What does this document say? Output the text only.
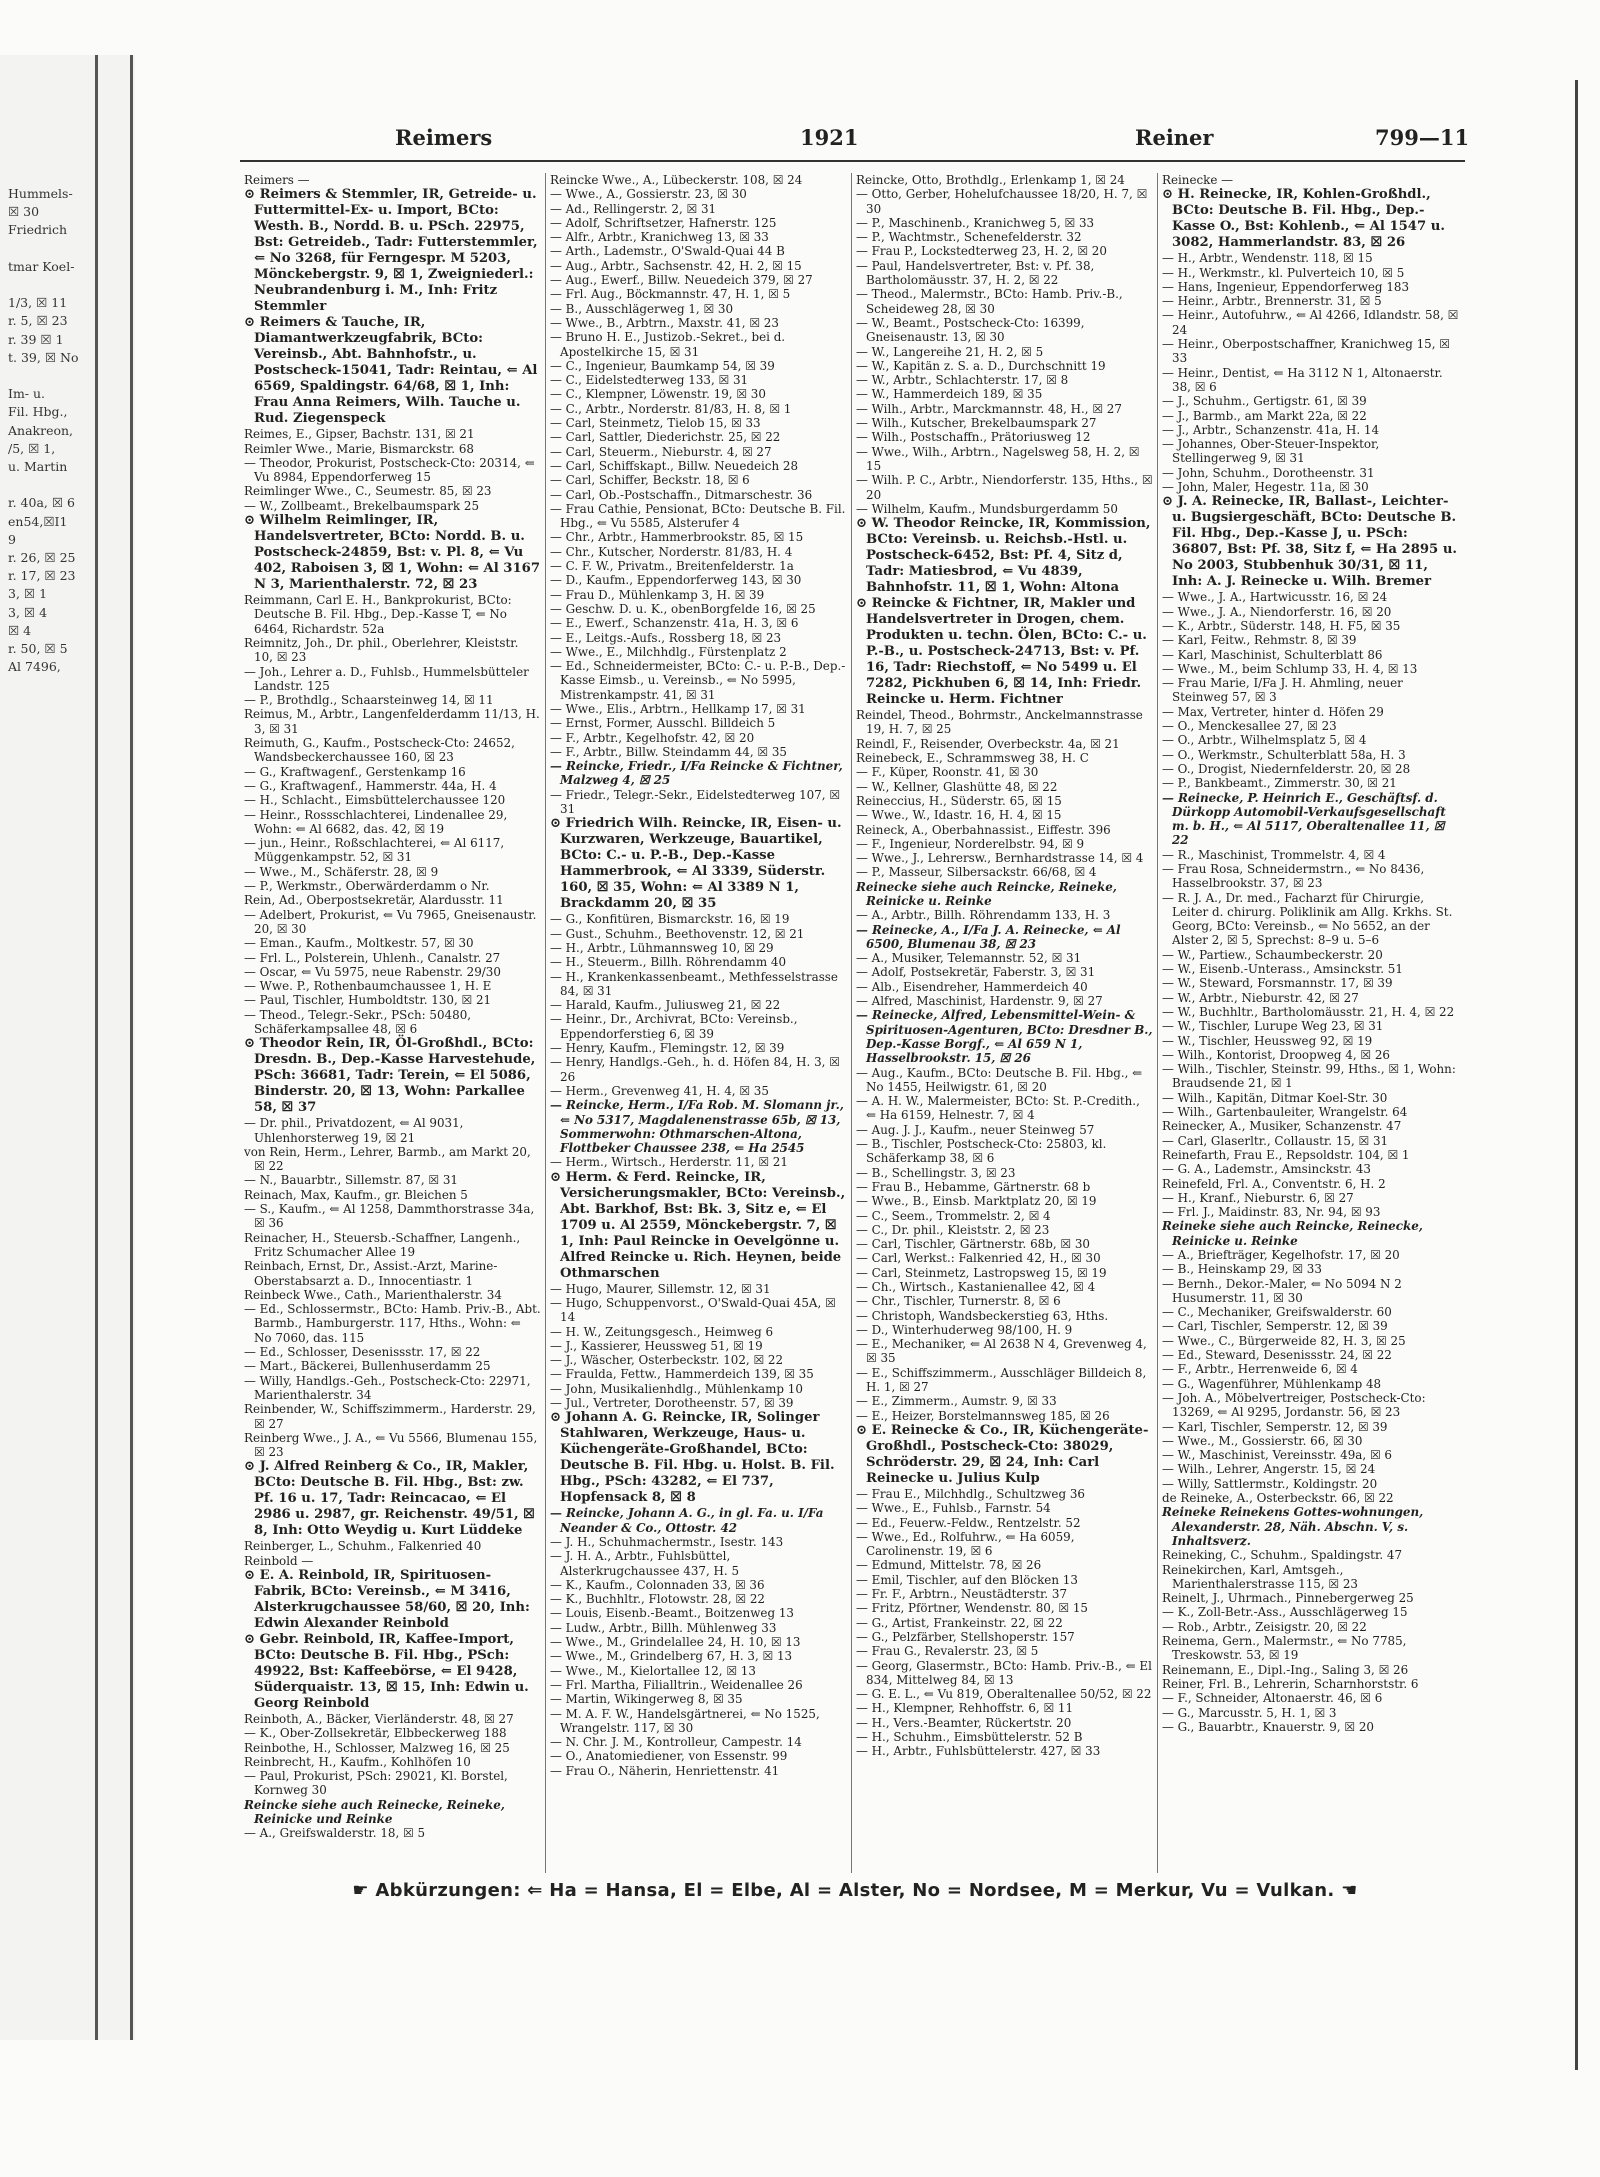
Hummels-
☒ 30
Friedrich

tmar Koel-

1/3, ☒ 11
r. 5, ☒ 23
r. 39 ☒ 1
t. 39, ☒ No

Im- u.
Fil. Hbg.,
Anakreon,
/5, ☒ 1,
u. Martin

r. 40a, ☒ 6
en54,☒I1
9
r. 26, ☒ 25
r. 17, ☒ 23
3, ☒ 1
3, ☒ 4
☒ 4
r. 50, ☒ 5
Al 7496,
Reimers	1921	Reiner	799—11

Reimers —

⊙ Reimers & Stemmler, IR, Getreide- u. Futtermittel-Ex- u. Import, BCto: Westh. B., Nordd. B. u. PSch. 22975, Bst: Getreideb., Tadr: Futterstemmler, ⇐ No 3268, für Ferngespr. M 5203, Mönckebergstr. 9, ☒ 1, Zweigniederl.: Neubrandenburg i. M., Inh: Fritz Stemmler

⊙ Reimers & Tauche, IR, Diamantwerkzeugfabrik, BCto: Vereinsb., Abt. Bahnhofstr., u. Postscheck-15041, Tadr: Reintau, ⇐ Al 6569, Spaldingstr. 64/68, ☒ 1, Inh: Frau Anna Reimers, Wilh. Tauche u. Rud. Ziegenspeck

Reimes, E., Gipser, Bachstr. 131, ☒ 21

Reimler Wwe., Marie, Bismarckstr. 68

— Theodor, Prokurist, Postscheck-Cto: 20314, ⇐ Vu 8984, Eppendorferweg 15

Reimlinger Wwe., C., Seumestr. 85, ☒ 23

— W., Zollbeamt., Brekelbaumspark 25

⊙ Wilhelm Reimlinger, IR, Handelsvertreter, BCto: Nordd. B. u. Postscheck-24859, Bst: v. Pl. 8, ⇐ Vu 402, Raboisen 3, ☒ 1, Wohn: ⇐ Al 3167 N 3, Marienthalerstr. 72, ☒ 23

Reimmann, Carl E. H., Bankprokurist, BCto: Deutsche B. Fil. Hbg., Dep.-Kasse T, ⇐ No 6464, Richardstr. 52a

Reimnitz, Joh., Dr. phil., Oberlehrer, Kleiststr. 10, ☒ 23

— Joh., Lehrer a. D., Fuhlsb., Hummelsbütteler Landstr. 125

— P., Brothdlg., Schaarsteinweg 14, ☒ 11

Reimus, M., Arbtr., Langenfelderdamm 11/13, H. 3, ☒ 31

Reimuth, G., Kaufm., Postscheck-Cto: 24652, Wandsbeckerchaussee 160, ☒ 23

— G., Kraftwagenf., Gerstenkamp 16

— G., Kraftwagenf., Hammerstr. 44a, H. 4

— H., Schlacht., Eimsbüttelerchaussee 120

— Heinr., Rossschlachterei, Lindenallee 29, Wohn: ⇐ Al 6682, das. 42, ☒ 19

— jun., Heinr., Roßschlachterei, ⇐ Al 6117, Müggenkampstr. 52, ☒ 31

— Wwe., M., Schäferstr. 28, ☒ 9

— P., Werkmstr., Oberwärderdamm o Nr.

Rein, Ad., Oberpostsekretär, Alardusstr. 11

— Adelbert, Prokurist, ⇐ Vu 7965, Gneisenaustr. 20, ☒ 30

— Eman., Kaufm., Moltkestr. 57, ☒ 30

— Frl. L., Polsterein, Uhlenh., Canalstr. 27

— Oscar, ⇐ Vu 5975, neue Rabenstr. 29/30

— Wwe. P., Rothenbaumchaussee 1, H. E

— Paul, Tischler, Humboldtstr. 130, ☒ 21

— Theod., Telegr.-Sekr., PSch: 50480, Schäferkampsallee 48, ☒ 6

⊙ Theodor Rein, IR, Öl-Großhdl., BCto: Dresdn. B., Dep.-Kasse Harvestehude, PSch: 36681, Tadr: Terein, ⇐ El 5086, Binderstr. 20, ☒ 13, Wohn: Parkallee 58, ☒ 37

— Dr. phil., Privatdozent, ⇐ Al 9031, Uhlenhorsterweg 19, ☒ 21

von Rein, Herm., Lehrer, Barmb., am Markt 20, ☒ 22

— N., Bauarbtr., Sillemstr. 87, ☒ 31

Reinach, Max, Kaufm., gr. Bleichen 5

— S., Kaufm., ⇐ Al 1258, Dammthorstrasse 34a, ☒ 36

Reinacher, H., Steuersb.-Schaffner, Langenh., Fritz Schumacher Allee 19

Reinbach, Ernst, Dr., Assist.-Arzt, Marine-Oberstabsarzt a. D., Innocentiastr. 1

Reinbeck Wwe., Cath., Marienthalerstr. 34

— Ed., Schlossermstr., BCto: Hamb. Priv.-B., Abt. Barmb., Hamburgerstr. 117, Hths., Wohn: ⇐ No 7060, das. 115

— Ed., Schlosser, Desenissstr. 17, ☒ 22

— Mart., Bäckerei, Bullenhuserdamm 25

— Willy, Handlgs.-Geh., Postscheck-Cto: 22971, Marienthalerstr. 34

Reinbender, W., Schiffszimmerm., Harderstr. 29, ☒ 27

Reinberg Wwe., J. A., ⇐ Vu 5566, Blumenau 155, ☒ 23

⊙ J. Alfred Reinberg & Co., IR, Makler, BCto: Deutsche B. Fil. Hbg., Bst: zw. Pf. 16 u. 17, Tadr: Reincacao, ⇐ El 2986 u. 2987, gr. Reichenstr. 49/51, ☒ 8, Inh: Otto Weydig u. Kurt Lüddeke

Reinberger, L., Schuhm., Falkenried 40

Reinbold —

⊙ E. A. Reinbold, IR, Spirituosen-Fabrik, BCto: Vereinsb., ⇐ M 3416, Alsterkrugchaussee 58/60, ☒ 20, Inh: Edwin Alexander Reinbold

⊙ Gebr. Reinbold, IR, Kaffee-Import, BCto: Deutsche B. Fil. Hbg., PSch: 49922, Bst: Kaffeebörse, ⇐ El 9428, Süderquaistr. 13, ☒ 15, Inh: Edwin u. Georg Reinbold

Reinboth, A., Bäcker, Vierländerstr. 48, ☒ 27

— K., Ober-Zollsekretär, Elbbeckerweg 188

Reinbothe, H., Schlosser, Malzweg 16, ☒ 25

Reinbrecht, H., Kaufm., Kohlhöfen 10

— Paul, Prokurist, PSch: 29021, Kl. Borstel, Kornweg 30

Reincke siehe auch Reinecke, Reineke, Reinicke und Reinke

— A., Greifswalderstr. 18, ☒ 5

Reincke Wwe., A., Lübeckerstr. 108, ☒ 24

— Wwe., A., Gossierstr. 23, ☒ 30

— Ad., Rellingerstr. 2, ☒ 31

— Adolf, Schriftsetzer, Hafnerstr. 125

— Alfr., Arbtr., Kranichweg 13, ☒ 33

— Arth., Lademstr., O'Swald-Quai 44 B

— Aug., Arbtr., Sachsenstr. 42, H. 2, ☒ 15

— Aug., Ewerf., Billw. Neuedeich 379, ☒ 27

— Frl. Aug., Böckmannstr. 47, H. 1, ☒ 5

— B., Ausschlägerweg 1, ☒ 30

— Wwe., B., Arbtrn., Maxstr. 41, ☒ 23

— Bruno H. E., Justizob.-Sekret., bei d. Apostelkirche 15, ☒ 31

— C., Ingenieur, Baumkamp 54, ☒ 39

— C., Eidelstedterweg 133, ☒ 31

— C., Klempner, Löwenstr. 19, ☒ 30

— C., Arbtr., Norderstr. 81/83, H. 8, ☒ 1

— Carl, Steinmetz, Tielob 15, ☒ 33

— Carl, Sattler, Diederichstr. 25, ☒ 22

— Carl, Steuerm., Nieburstr. 4, ☒ 27

— Carl, Schiffskapt., Billw. Neuedeich 28

— Carl, Schiffer, Beckstr. 18, ☒ 6

— Carl, Ob.-Postschaffn., Ditmarschestr. 36

— Frau Cathie, Pensionat, BCto: Deutsche B. Fil. Hbg., ⇐ Vu 5585, Alsterufer 4

— Chr., Arbtr., Hammerbrookstr. 85, ☒ 15

— Chr., Kutscher, Norderstr. 81/83, H. 4

— C. F. W., Privatm., Breitenfelderstr. 1a

— D., Kaufm., Eppendorferweg 143, ☒ 30

— Frau D., Mühlenkamp 3, H. ☒ 39

— Geschw. D. u. K., obenBorgfelde 16, ☒ 25

— E., Ewerf., Schanzenstr. 41a, H. 3, ☒ 6

— E., Leitgs.-Aufs., Rossberg 18, ☒ 23

— Wwe., E., Milchhdlg., Fürstenplatz 2

— Ed., Schneidermeister, BCto: C.- u. P.-B., Dep.-Kasse Eimsb., u. Vereinsb., ⇐ No 5995, Mistrenkampstr. 41, ☒ 31

— Wwe., Elis., Arbtrn., Hellkamp 17, ☒ 31

— Ernst, Former, Ausschl. Billdeich 5

— F., Arbtr., Kegelhofstr. 42, ☒ 20

— F., Arbtr., Billw. Steindamm 44, ☒ 35

— Reincke, Friedr., I/Fa Reincke & Fichtner, Malzweg 4, ☒ 25

— Friedr., Telegr.-Sekr., Eidelstedterweg 107, ☒ 31

⊙ Friedrich Wilh. Reincke, IR, Eisen- u. Kurzwaren, Werkzeuge, Bauartikel, BCto: C.- u. P.-B., Dep.-Kasse Hammerbrook, ⇐ Al 3339, Süderstr. 160, ☒ 35, Wohn: ⇐ Al 3389 N 1, Brackdamm 20, ☒ 35

— G., Konfitüren, Bismarckstr. 16, ☒ 19

— Gust., Schuhm., Beethovenstr. 12, ☒ 21

— H., Arbtr., Lühmannsweg 10, ☒ 29

— H., Steuerm., Billh. Röhrendamm 40

— H., Krankenkassenbeamt., Methfesselstrasse 84, ☒ 31

— Harald, Kaufm., Juliusweg 21, ☒ 22

— Heinr., Dr., Archivrat, BCto: Vereinsb., Eppendorferstieg 6, ☒ 39

— Henry, Kaufm., Flemingstr. 12, ☒ 39

— Henry, Handlgs.-Geh., h. d. Höfen 84, H. 3, ☒ 26

— Herm., Grevenweg 41, H. 4, ☒ 35

— Reincke, Herm., I/Fa Rob. M. Slomann jr., ⇐ No 5317, Magdalenenstrasse 65b, ☒ 13, Sommerwohn: Othmarschen-Altona, Flottbeker Chaussee 238, ⇐ Ha 2545

— Herm., Wirtsch., Herderstr. 11, ☒ 21

⊙ Herm. & Ferd. Reincke, IR, Versicherungsmakler, BCto: Vereinsb., Abt. Barkhof, Bst: Bk. 3, Sitz e, ⇐ El 1709 u. Al 2559, Mönckebergstr. 7, ☒ 1, Inh: Paul Reincke in Oevelgönne u. Alfred Reincke u. Rich. Heynen, beide Othmarschen

— Hugo, Maurer, Sillemstr. 12, ☒ 31

— Hugo, Schuppenvorst., O'Swald-Quai 45A, ☒ 14

— H. W., Zeitungsgesch., Heimweg 6

— J., Kassierer, Heussweg 51, ☒ 19

— J., Wäscher, Osterbeckstr. 102, ☒ 22

— Fraulda, Fettw., Hammerdeich 139, ☒ 35

— John, Musikalienhdlg., Mühlenkamp 10

— Jul., Vertreter, Dorotheenstr. 57, ☒ 39

⊙ Johann A. G. Reincke, IR, Solinger Stahlwaren, Werkzeuge, Haus- u. Küchengeräte-Großhandel, BCto: Deutsche B. Fil. Hbg. u. Holst. B. Fil. Hbg., PSch: 43282, ⇐ El 737, Hopfensack 8, ☒ 8

— Reincke, Johann A. G., in gl. Fa. u. I/Fa Neander & Co., Ottostr. 42

— J. H., Schuhmachermstr., Isestr. 143

— J. H. A., Arbtr., Fuhlsbüttel, Alsterkrugchaussee 437, H. 5

— K., Kaufm., Colonnaden 33, ☒ 36

— K., Buchhltr., Flotowstr. 28, ☒ 22

— Louis, Eisenb.-Beamt., Boitzenweg 13

— Ludw., Arbtr., Billh. Mühlenweg 33

— Wwe., M., Grindelallee 24, H. 10, ☒ 13

— Wwe., M., Grindelberg 67, H. 3, ☒ 13

— Wwe., M., Kielortallee 12, ☒ 13

— Frl. Martha, Filialltrin., Weidenallee 26

— Martin, Wikingerweg 8, ☒ 35

— M. A. F. W., Handelsgärtnerei, ⇐ No 1525, Wrangelstr. 117, ☒ 30

— N. Chr. J. M., Kontrolleur, Campestr. 14

— O., Anatomiediener, von Essenstr. 99

— Frau O., Näherin, Henriettenstr. 41

Reincke, Otto, Brothdlg., Erlenkamp 1, ☒ 24

— Otto, Gerber, Hohelufchaussee 18/20, H. 7, ☒ 30

— P., Maschinenb., Kranichweg 5, ☒ 33

— P., Wachtmstr., Schenefelderstr. 32

— Frau P., Lockstedterweg 23, H. 2, ☒ 20

— Paul, Handelsvertreter, Bst: v. Pf. 38, Bartholomäusstr. 37, H. 2, ☒ 22

— Theod., Malermstr., BCto: Hamb. Priv.-B., Scheideweg 28, ☒ 30

— W., Beamt., Postscheck-Cto: 16399, Gneisenaustr. 13, ☒ 30

— W., Langereihe 21, H. 2, ☒ 5

— W., Kapitän z. S. a. D., Durchschnitt 19

— W., Arbtr., Schlachterstr. 17, ☒ 8

— W., Hammerdeich 189, ☒ 35

— Wilh., Arbtr., Marckmannstr. 48, H., ☒ 27

— Wilh., Kutscher, Brekelbaumspark 27

— Wilh., Postschaffn., Prätoriusweg 12

— Wwe., Wilh., Arbtrn., Nagelsweg 58, H. 2, ☒ 15

— Wilh. P. C., Arbtr., Niendorferstr. 135, Hths., ☒ 20

— Wilhelm, Kaufm., Mundsburgerdamm 50

⊙ W. Theodor Reincke, IR, Kommission, BCto: Vereinsb. u. Reichsb.-Hstl. u. Postscheck-6452, Bst: Pf. 4, Sitz d, Tadr: Matiesbrod, ⇐ Vu 4839, Bahnhofstr. 11, ☒ 1, Wohn: Altona

⊙ Reincke & Fichtner, IR, Makler und Handelsvertreter in Drogen, chem. Produkten u. techn. Ölen, BCto: C.- u. P.-B., u. Postscheck-24713, Bst: v. Pf. 16, Tadr: Riechstoff, ⇐ No 5499 u. El 7282, Pickhuben 6, ☒ 14, Inh: Friedr. Reincke u. Herm. Fichtner

Reindel, Theod., Bohrmstr., Anckelmannstrasse 19, H. 7, ☒ 25

Reindl, F., Reisender, Overbeckstr. 4a, ☒ 21

Reinebeck, E., Schrammsweg 38, H. C

— F., Küper, Roonstr. 41, ☒ 30

— W., Kellner, Glashütte 48, ☒ 22

Reineccius, H., Süderstr. 65, ☒ 15

— Wwe., W., Idastr. 16, H. 4, ☒ 15

Reineck, A., Oberbahnassist., Eiffestr. 396

— F., Ingenieur, Norderelbstr. 94, ☒ 9

— Wwe., J., Lehrersw., Bernhardstrasse 14, ☒ 4

— P., Masseur, Silbersackstr. 66/68, ☒ 4

Reinecke siehe auch Reincke, Reineke, Reinicke u. Reinke

— A., Arbtr., Billh. Röhrendamm 133, H. 3

— Reinecke, A., I/Fa J. A. Reinecke, ⇐ Al 6500, Blumenau 38, ☒ 23

— A., Musiker, Telemannstr. 52, ☒ 31

— Adolf, Postsekretär, Faberstr. 3, ☒ 31

— Alb., Eisendreher, Hammerdeich 40

— Alfred, Maschinist, Hardenstr. 9, ☒ 27

— Reinecke, Alfred, Lebensmittel-Wein- & Spirituosen-Agenturen, BCto: Dresdner B., Dep.-Kasse Borgf., ⇐ Al 659 N 1, Hasselbrookstr. 15, ☒ 26

— Aug., Kaufm., BCto: Deutsche B. Fil. Hbg., ⇐ No 1455, Heilwigstr. 61, ☒ 20

— A. H. W., Malermeister, BCto: St. P.-Credith., ⇐ Ha 6159, Helnestr. 7, ☒ 4

— Aug. J. J., Kaufm., neuer Steinweg 57

— B., Tischler, Postscheck-Cto: 25803, kl. Schäferkamp 38, ☒ 6

— B., Schellingstr. 3, ☒ 23

— Frau B., Hebamme, Gärtnerstr. 68 b

— Wwe., B., Einsb. Marktplatz 20, ☒ 19

— C., Seem., Trommelstr. 2, ☒ 4

— C., Dr. phil., Kleiststr. 2, ☒ 23

— Carl, Tischler, Gärtnerstr. 68b, ☒ 30

— Carl, Werkst.: Falkenried 42, H., ☒ 30

— Carl, Steinmetz, Lastropsweg 15, ☒ 19

— Ch., Wirtsch., Kastanienallee 42, ☒ 4

— Chr., Tischler, Turnerstr. 8, ☒ 6

— Christoph, Wandsbeckerstieg 63, Hths.

— D., Winterhuderweg 98/100, H. 9

— E., Mechaniker, ⇐ Al 2638 N 4, Grevenweg 4, ☒ 35

— E., Schiffszimmerm., Ausschläger Billdeich 8, H. 1, ☒ 27

— E., Zimmerm., Aumstr. 9, ☒ 33

— E., Heizer, Borstelmannsweg 185, ☒ 26

⊙ E. Reinecke & Co., IR, Küchengeräte-Großhdl., Postscheck-Cto: 38029, Schröderstr. 29, ☒ 24, Inh: Carl Reinecke u. Julius Kulp

— Frau E., Milchhdlg., Schultzweg 36

— Wwe., E., Fuhlsb., Farnstr. 54

— Ed., Feuerw.-Feldw., Rentzelstr. 52

— Wwe., Ed., Rolfuhrw., ⇐ Ha 6059, Carolinenstr. 19, ☒ 6

— Edmund, Mittelstr. 78, ☒ 26

— Emil, Tischler, auf den Blöcken 13

— Fr. F., Arbtrn., Neustädterstr. 37

— Fritz, Pförtner, Wendenstr. 80, ☒ 15

— G., Artist, Frankeinstr. 22, ☒ 22

— G., Pelzfärber, Stellshoperstr. 157

— Frau G., Revalerstr. 23, ☒ 5

— Georg, Glasermstr., BCto: Hamb. Priv.-B., ⇐ El 834, Mittelweg 84, ☒ 13

— G. E. L., ⇐ Vu 819, Oberaltenallee 50/52, ☒ 22

— H., Klempner, Rehhoffstr. 6, ☒ 11

— H., Vers.-Beamter, Rückertstr. 20

— H., Schuhm., Eimsbüttelerstr. 52 B

— H., Arbtr., Fuhlsbüttelerstr. 427, ☒ 33

Reinecke —

⊙ H. Reinecke, IR, Kohlen-Großhdl., BCto: Deutsche B. Fil. Hbg., Dep.-Kasse O., Bst: Kohlenb., ⇐ Al 1547 u. 3082, Hammerlandstr. 83, ☒ 26

— H., Arbtr., Wendenstr. 118, ☒ 15

— H., Werkmstr., kl. Pulverteich 10, ☒ 5

— Hans, Ingenieur, Eppendorferweg 183

— Heinr., Arbtr., Brennerstr. 31, ☒ 5

— Heinr., Autofuhrw., ⇐ Al 4266, Idlandstr. 58, ☒ 24

— Heinr., Oberpostschaffner, Kranichweg 15, ☒ 33

— Heinr., Dentist, ⇐ Ha 3112 N 1, Altonaerstr. 38, ☒ 6

— J., Schuhm., Gertigstr. 61, ☒ 39

— J., Barmb., am Markt 22a, ☒ 22

— J., Arbtr., Schanzenstr. 41a, H. 14

— Johannes, Ober-Steuer-Inspektor, Stellingerweg 9, ☒ 31

— John, Schuhm., Dorotheenstr. 31

— John, Maler, Hegestr. 11a, ☒ 30

⊙ J. A. Reinecke, IR, Ballast-, Leichter- u. Bugsiergeschäft, BCto: Deutsche B. Fil. Hbg., Dep.-Kasse J, u. PSch: 36807, Bst: Pf. 38, Sitz f, ⇐ Ha 2895 u. No 2003, Stubbenhuk 30/31, ☒ 11, Inh: A. J. Reinecke u. Wilh. Bremer

— Wwe., J. A., Hartwicusstr. 16, ☒ 24

— Wwe., J. A., Niendorferstr. 16, ☒ 20

— K., Arbtr., Süderstr. 148, H. F5, ☒ 35

— Karl, Feitw., Rehmstr. 8, ☒ 39

— Karl, Maschinist, Schulterblatt 86

— Wwe., M., beim Schlump 33, H. 4, ☒ 13

— Frau Marie, I/Fa J. H. Ahmling, neuer Steinweg 57, ☒ 3

— Max, Vertreter, hinter d. Höfen 29

— O., Menckesallee 27, ☒ 23

— O., Arbtr., Wilhelmsplatz 5, ☒ 4

— O., Werkmstr., Schulterblatt 58a, H. 3

— O., Drogist, Niedernfelderstr. 20, ☒ 28

— P., Bankbeamt., Zimmerstr. 30, ☒ 21

— Reinecke, P. Heinrich E., Geschäftsf. d. Dürkopp Automobil-Verkaufsgesellschaft m. b. H., ⇐ Al 5117, Oberaltenallee 11, ☒ 22

— R., Maschinist, Trommelstr. 4, ☒ 4

— Frau Rosa, Schneidermstrn., ⇐ No 8436, Hasselbrookstr. 37, ☒ 23

— R. J. A., Dr. med., Facharzt für Chirurgie, Leiter d. chirurg. Poliklinik am Allg. Krkhs. St. Georg, BCto: Vereinsb., ⇐ No 5652, an der Alster 2, ☒ 5, Sprechst: 8–9 u. 5–6

— W., Partiew., Schaumbeckerstr. 20

— W., Eisenb.-Unterass., Amsinckstr. 51

— W., Steward, Forsmannstr. 17, ☒ 39

— W., Arbtr., Nieburstr. 42, ☒ 27

— W., Buchhltr., Bartholomäusstr. 21, H. 4, ☒ 22

— W., Tischler, Lurupe Weg 23, ☒ 31

— W., Tischler, Heussweg 92, ☒ 19

— Wilh., Kontorist, Droopweg 4, ☒ 26

— Wilh., Tischler, Steinstr. 99, Hths., ☒ 1, Wohn: Braudsende 21, ☒ 1

— Wilh., Kapitän, Ditmar Koel-Str. 30

— Wilh., Gartenbauleiter, Wrangelstr. 64

Reinecker, A., Musiker, Schanzenstr. 47

— Carl, Glaserltr., Collaustr. 15, ☒ 31

Reinefarth, Frau E., Repsoldstr. 104, ☒ 1

— G. A., Lademstr., Amsinckstr. 43

Reinefeld, Frl. A., Conventstr. 6, H. 2

— H., Kranf., Nieburstr. 6, ☒ 27

— Frl. J., Maidinstr. 83, Nr. 94, ☒ 93

Reineke siehe auch Reincke, Reinecke, Reinicke u. Reinke

— A., Briefträger, Kegelhofstr. 17, ☒ 20

— B., Heinskamp 29, ☒ 33

— Bernh., Dekor.-Maler, ⇐ No 5094 N 2 Husumerstr. 11, ☒ 30

— C., Mechaniker, Greifswalderstr. 60

— Carl, Tischler, Semperstr. 12, ☒ 39

— Wwe., C., Bürgerweide 82, H. 3, ☒ 25

— Ed., Steward, Desenissstr. 24, ☒ 22

— F., Arbtr., Herrenweide 6, ☒ 4

— G., Wagenführer, Mühlenkamp 48

— Joh. A., Möbelvertreiger, Postscheck-Cto: 13269, ⇐ Al 9295, Jordanstr. 56, ☒ 23

— Karl, Tischler, Semperstr. 12, ☒ 39

— Wwe., M., Gossierstr. 66, ☒ 30

— W., Maschinist, Vereinsstr. 49a, ☒ 6

— Wilh., Lehrer, Angerstr. 15, ☒ 24

— Willy, Sattlermstr., Koldingstr. 20

de Reineke, A., Osterbeckstr. 66, ☒ 22

Reineke Reinekens Gottes-wohnungen, Alexanderstr. 28, Näh. Abschn. V, s. Inhaltsverz.

Reineking, C., Schuhm., Spaldingstr. 47

Reinekirchen, Karl, Amtsgeh., Marienthalerstrasse 115, ☒ 23

Reinelt, J., Uhrmach., Pinnebergerweg 25

— K., Zoll-Betr.-Ass., Ausschlägerweg 15

— Rob., Arbtr., Zeisigstr. 20, ☒ 22

Reinema, Gern., Malermstr., ⇐ No 7785, Treskowstr. 53, ☒ 19

Reinemann, E., Dipl.-Ing., Saling 3, ☒ 26

Reiner, Frl. B., Lehrerin, Scharnhorststr. 6

— F., Schneider, Altonaerstr. 46, ☒ 6

— G., Marcusstr. 5, H. 1, ☒ 3

— G., Bauarbtr., Knauerstr. 9, ☒ 20

☛ Abkürzungen: ⇐ Ha = Hansa, El = Elbe, Al = Alster, No = Nordsee, M = Merkur, Vu = Vulkan. ☚
